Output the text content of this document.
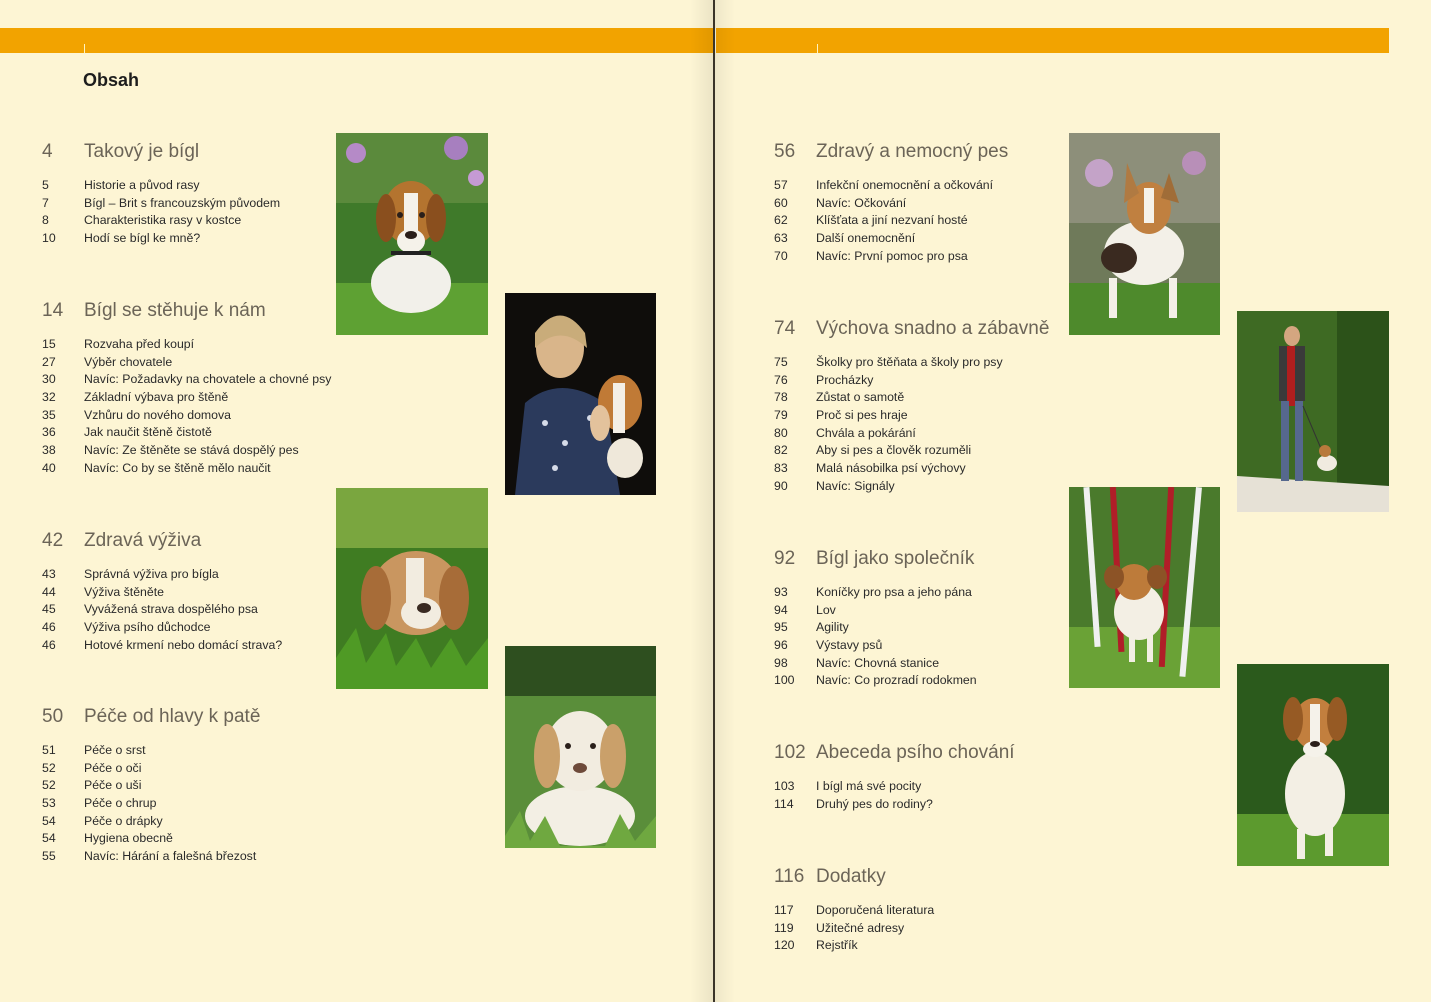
Obsah
4 Takový je bígl
5	Historie a původ rasy
7	Bígl – Brit s francouzským původem
8	Charakteristika rasy v kostce
10 Hodí se bígl ke mně?
14 Bígl se stěhuje k nám
15 Rozvaha před koupí
27 Výběr chovatele
30 Navíc: Požadavky na chovatele a chovné psy
32 Základní výbava pro štěně
35 Vzhůru do nového domova
36 Jak naučit štěně čistotě
38 Navíc: Ze štěněte se stává dospělý pes
40 Navíc: Co by se štěně mělo naučit
42 Zdravá výživa
43 Správná výživa pro bígla
44 Výživa štěněte
45 Vyvážená strava dospělého psa
46 Výživa psího důchodce
46 Hotové krmení nebo domácí strava?
50 Péče od hlavy k patě
51 Péče o srst
52 Péče o oči
52 Péče o uši
53 Péče o chrup
54 Péče o drápky
54 Hygiena obecně
55 Navíc: Hárání a falešná březost
56 Zdravý a nemocný pes
57 Infekční onemocnění a očkování
60 Navíc: Očkování
62 Klíšťata a jiní nezvaní hosté
63 Další onemocnění
70 Navíc: První pomoc pro psa
74 Výchova snadno a zábavně
75 Školky pro štěňata a školy pro psy
76 Procházky
78 Zůstat o samotě
79 Proč si pes hraje
80 Chvála a pokárání
82 Aby si pes a člověk rozuměli
83 Malá násobilka psí výchovy
90 Navíc: Signály
92 Bígl jako společník
93 Koníčky pro psa a jeho pána
94 Lov
95 Agility
96 Výstavy psů
98 Navíc: Chovná stanice
100 Navíc: Co prozradí rodokmen
102 Abeceda psího chování
103 I bígl má své pocity
114 Druhý pes do rodiny?
116 Dodatky
117 Doporučená literatura
119 Užitečné adresy
120 Rejstřík
